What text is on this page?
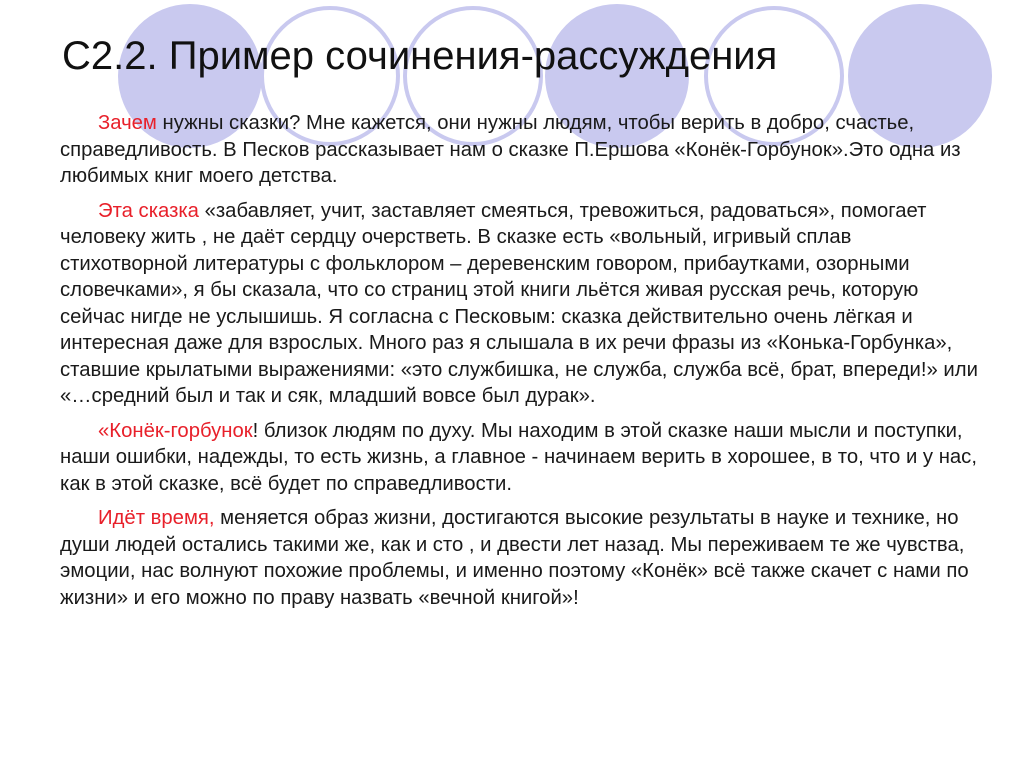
С2.2. Пример сочинения-рассуждения

Зачем нужны сказки? Мне кажется, они нужны людям, чтобы верить в добро, счастье, справедливость. В Песков рассказывает нам о сказке П.Ершова «Конёк-Горбунок».Это одна из любимых книг моего детства.

Эта сказка «забавляет, учит, заставляет смеяться, тревожиться, радоваться», помогает человеку жить , не даёт сердцу очерстветь. В сказке есть «вольный, игривый сплав стихотворной литературы с фольклором – деревенским говором, прибаутками, озорными словечками», я бы сказала, что со страниц этой книги льётся живая русская речь, которую сейчас нигде не услышишь. Я согласна с Песковым: сказка действительно очень лёгкая и интересная даже для взрослых. Много раз я слышала в их речи фразы из «Конька-Горбунка», ставшие крылатыми выражениями: «это службишка, не служба, служба всё, брат, впереди!» или «…средний был и так и сяк, младший вовсе был дурак».

«Конёк-горбунок! близок людям по духу. Мы находим в этой сказке наши мысли и поступки, наши ошибки, надежды, то есть жизнь, а главное - начинаем верить в хорошее, в то, что и у нас, как в этой сказке, всё будет по справедливости.

Идёт время, меняется образ жизни, достигаются высокие результаты в науке и технике, но души людей остались такими же, как и сто , и двести лет назад. Мы переживаем те же чувства, эмоции, нас волнуют похожие проблемы, и именно поэтому «Конёк» всё также скачет с нами по жизни» и его можно по праву назвать «вечной книгой»!
